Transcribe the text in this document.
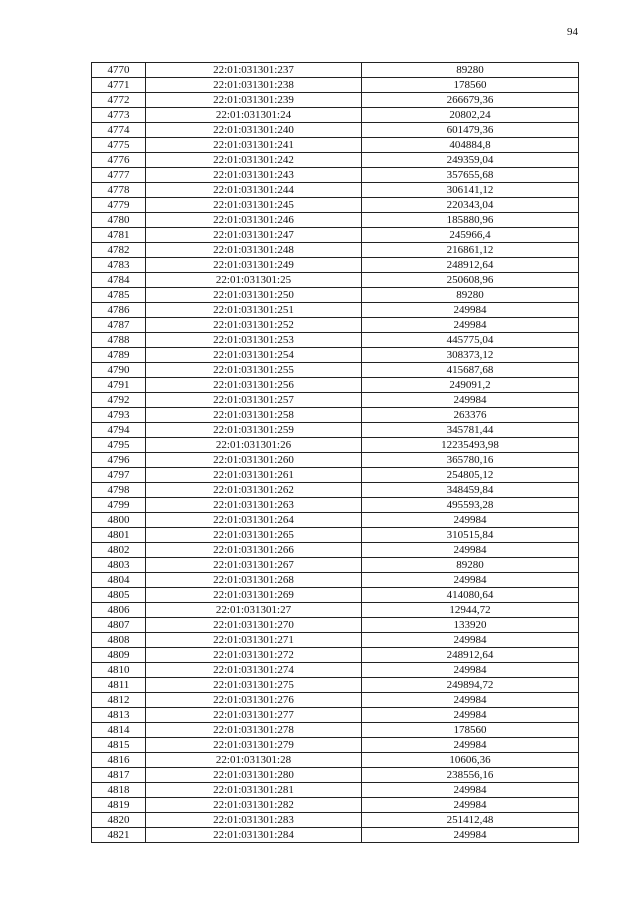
94
4770	22:01:031301:237	89280
4771	22:01:031301:238	178560
4772	22:01:031301:239	266679,36
4773	22:01:031301:24	20802,24
4774	22:01:031301:240	601479,36
4775	22:01:031301:241	404884,8
4776	22:01:031301:242	249359,04
4777	22:01:031301:243	357655,68
4778	22:01:031301:244	306141,12
4779	22:01:031301:245	220343,04
4780	22:01:031301:246	185880,96
4781	22:01:031301:247	245966,4
4782	22:01:031301:248	216861,12
4783	22:01:031301:249	248912,64
4784	22:01:031301:25	250608,96
4785	22:01:031301:250	89280
4786	22:01:031301:251	249984
4787	22:01:031301:252	249984
4788	22:01:031301:253	445775,04
4789	22:01:031301:254	308373,12
4790	22:01:031301:255	415687,68
4791	22:01:031301:256	249091,2
4792	22:01:031301:257	249984
4793	22:01:031301:258	263376
4794	22:01:031301:259	345781,44
4795	22:01:031301:26	12235493,98
4796	22:01:031301:260	365780,16
4797	22:01:031301:261	254805,12
4798	22:01:031301:262	348459,84
4799	22:01:031301:263	495593,28
4800	22:01:031301:264	249984
4801	22:01:031301:265	310515,84
4802	22:01:031301:266	249984
4803	22:01:031301:267	89280
4804	22:01:031301:268	249984
4805	22:01:031301:269	414080,64
4806	22:01:031301:27	12944,72
4807	22:01:031301:270	133920
4808	22:01:031301:271	249984
4809	22:01:031301:272	248912,64
4810	22:01:031301:274	249984
4811	22:01:031301:275	249894,72
4812	22:01:031301:276	249984
4813	22:01:031301:277	249984
4814	22:01:031301:278	178560
4815	22:01:031301:279	249984
4816	22:01:031301:28	10606,36
4817	22:01:031301:280	238556,16
4818	22:01:031301:281	249984
4819	22:01:031301:282	249984
4820	22:01:031301:283	251412,48
4821	22:01:031301:284	249984
